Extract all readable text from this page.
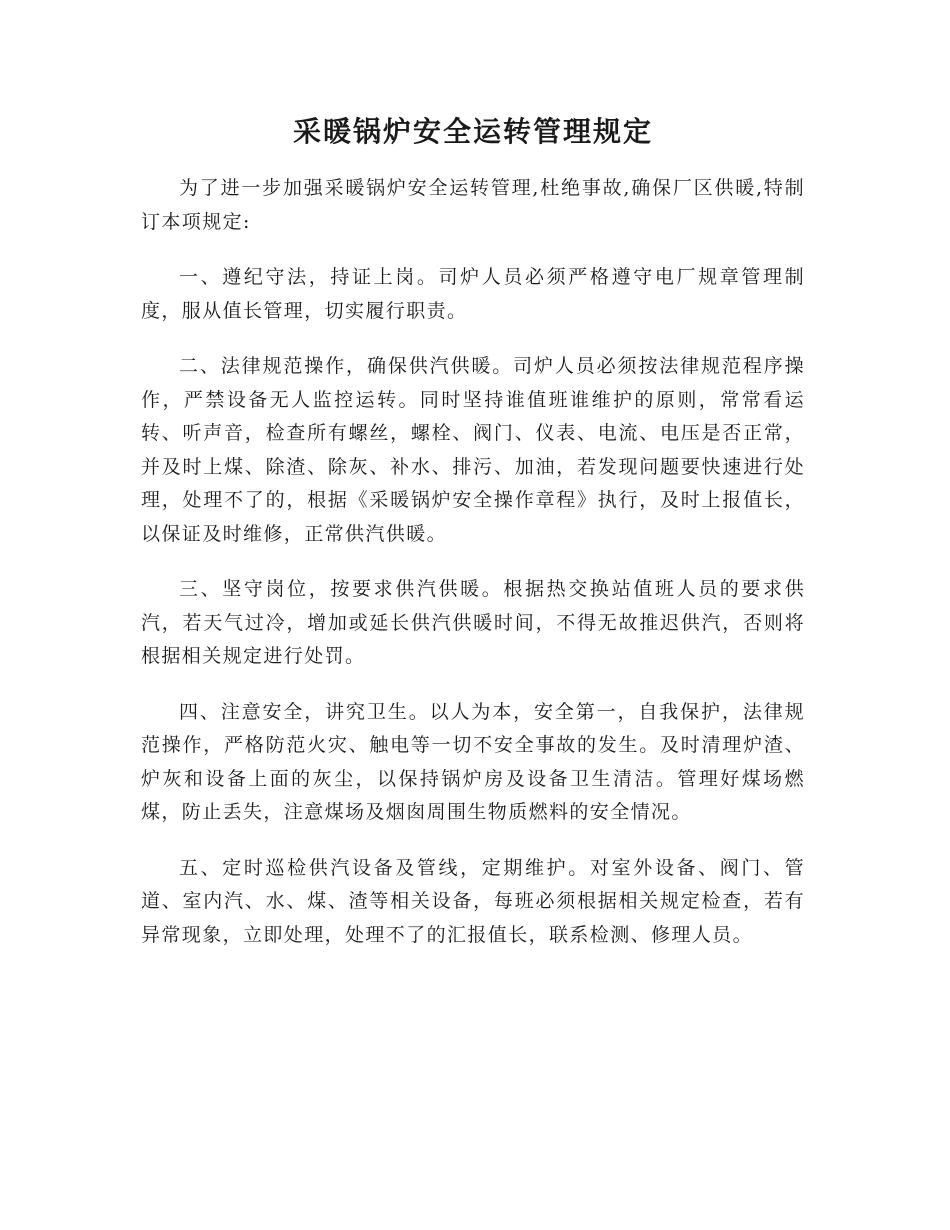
采暖锅炉安全运转管理规定

为了进一步加强采暖锅炉安全运转管理,杜绝事故,确保厂区供暖,特制订本项规定:

一、遵纪守法，持证上岗。司炉人员必须严格遵守电厂规章管理制度，服从值长管理，切实履行职责。

二、法律规范操作，确保供汽供暖。司炉人员必须按法律规范程序操作，严禁设备无人监控运转。同时坚持谁值班谁维护的原则，常常看运转、听声音，检查所有螺丝，螺栓、阀门、仪表、电流、电压是否正常，并及时上煤、除渣、除灰、补水、排污、加油，若发现问题要快速进行处理，处理不了的，根据《采暖锅炉安全操作章程》执行，及时上报值长，以保证及时维修，正常供汽供暖。

三、坚守岗位，按要求供汽供暖。根据热交换站值班人员的要求供汽，若天气过冷，增加或延长供汽供暖时间，不得无故推迟供汽，否则将根据相关规定进行处罚。

四、注意安全，讲究卫生。以人为本，安全第一，自我保护，法律规范操作，严格防范火灾、触电等一切不安全事故的发生。及时清理炉渣、炉灰和设备上面的灰尘，以保持锅炉房及设备卫生清洁。管理好煤场燃煤，防止丢失，注意煤场及烟囱周围生物质燃料的安全情况。

五、定时巡检供汽设备及管线，定期维护。对室外设备、阀门、管道、室内汽、水、煤、渣等相关设备，每班必须根据相关规定检查，若有异常现象，立即处理，处理不了的汇报值长，联系检测、修理人员。
